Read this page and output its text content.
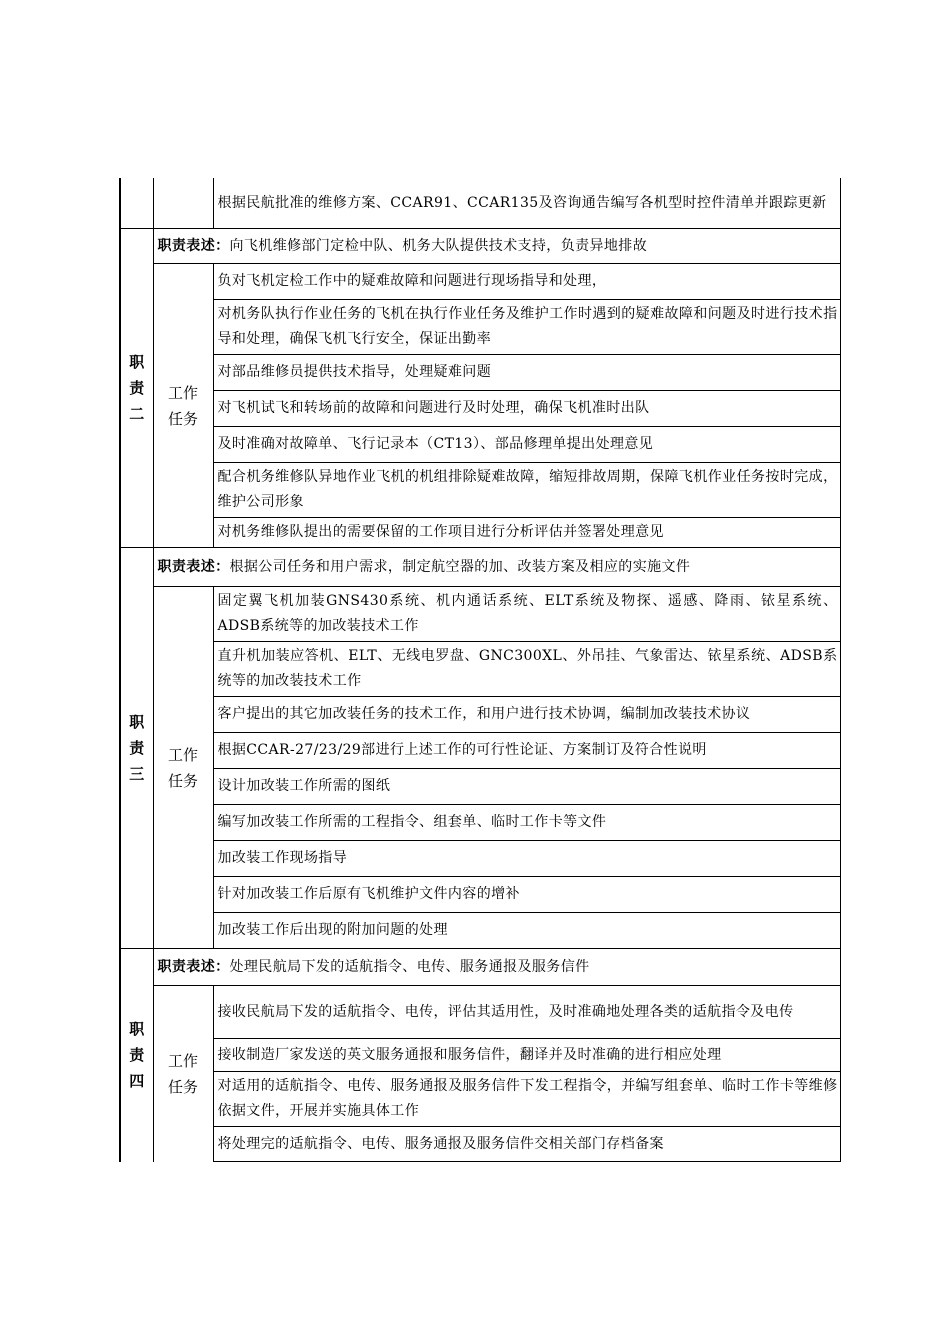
		根据民航批准的维修方案、CCAR91、CCAR135及咨询通告编写各机型时控件清单并跟踪更新
职责二	职责表述：向飞机维修部门定检中队、机务大队提供技术支持，负责异地排故	
	工作任务	负对飞机定检工作中的疑难故障和问题进行现场指导和处理，
		对机务队执行作业任务的飞机在执行作业任务及维护工作时遇到的疑难故障和问题及时进行技术指导和处理，确保飞机飞行安全，保证出勤率
		对部品维修员提供技术指导，处理疑难问题
		对飞机试飞和转场前的故障和问题进行及时处理，确保飞机准时出队
		及时准确对故障单、飞行记录本（CT13）、部品修理单提出处理意见
		配合机务维修队异地作业飞机的机组排除疑难故障，缩短排故周期，保障飞机作业任务按时完成，维护公司形象
		对机务维修队提出的需要保留的工作项目进行分析评估并签署处理意见
职责三	职责表述：根据公司任务和用户需求，制定航空器的加、改装方案及相应的实施文件	
	工作任务	固定翼飞机加装GNS430系统、机内通话系统、ELT系统及物探、遥感、降雨、铱星系统、ADSB系统等的加改装技术工作
		直升机加装应答机、ELT、无线电罗盘、GNC300XL、外吊挂、气象雷达、铱星系统、ADSB系统等的加改装技术工作
		客户提出的其它加改装任务的技术工作，和用户进行技术协调，编制加改装技术协议
		根据CCAR-27/23/29部进行上述工作的可行性论证、方案制订及符合性说明
		设计加改装工作所需的图纸
		编写加改装工作所需的工程指令、组套单、临时工作卡等文件
		加改装工作现场指导
		针对加改装工作后原有飞机维护文件内容的增补
		加改装工作后出现的附加问题的处理
职责四	职责表述：处理民航局下发的适航指令、电传、服务通报及服务信件	
	工作任务	接收民航局下发的适航指令、电传，评估其适用性，及时准确地处理各类的适航指令及电传
		接收制造厂家发送的英文服务通报和服务信件，翻译并及时准确的进行相应处理
		对适用的适航指令、电传、服务通报及服务信件下发工程指令，并编写组套单、临时工作卡等维修依据文件，开展并实施具体工作
		将处理完的适航指令、电传、服务通报及服务信件交相关部门存档备案
